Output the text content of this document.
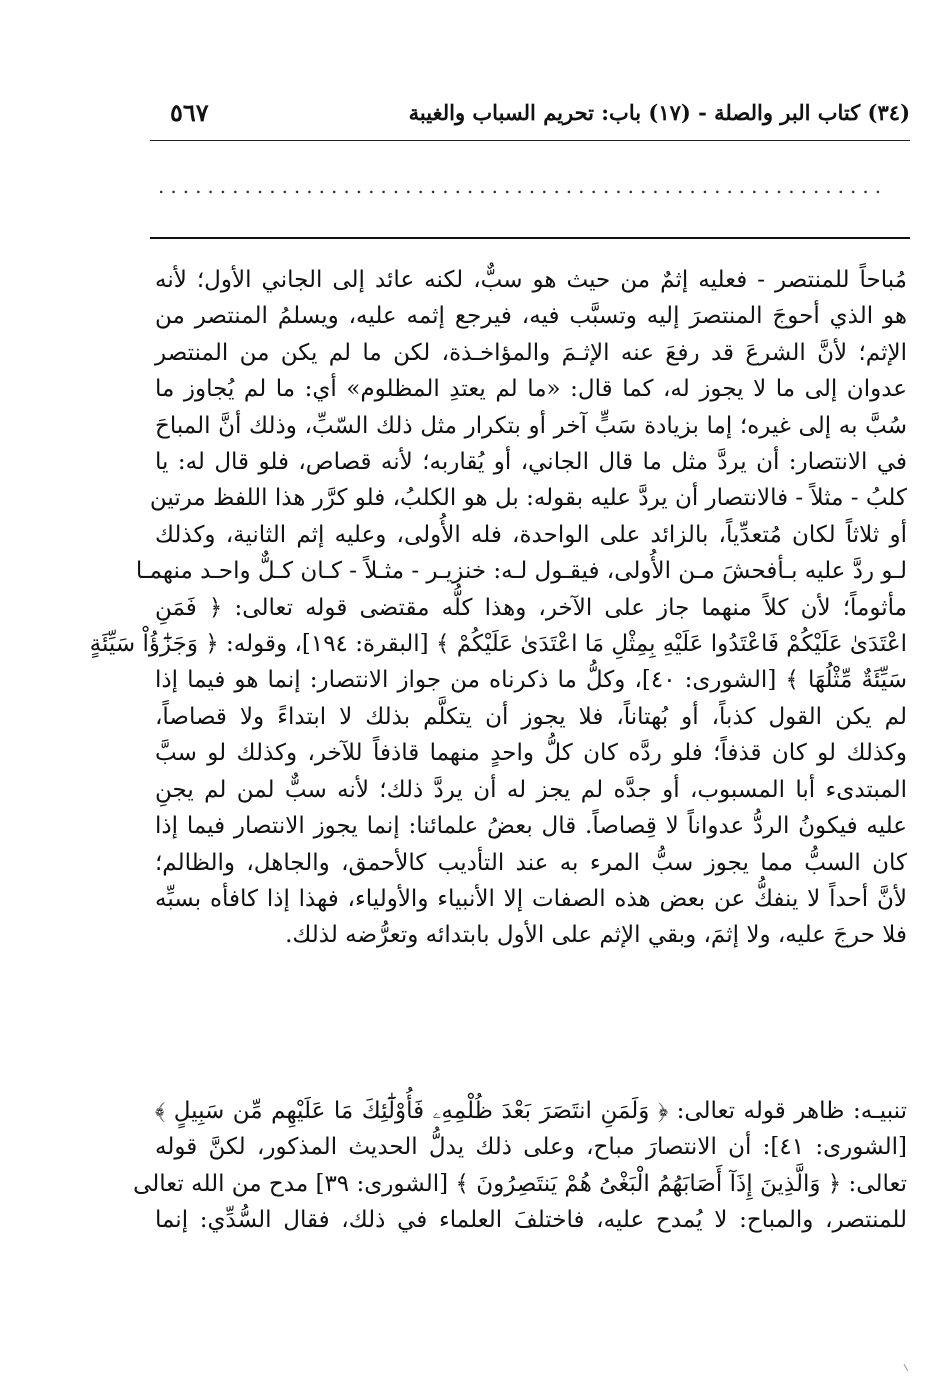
(٣٤) كتاب البر والصلة - (١٧) باب: تحريم السباب والغيبة
٥٦٧
...........................................................
مُباحاً للمنتصر - فعليه إثمٌ من حيث هو سبٌّ، لكنه عائد إلى الجاني الأول؛ لأنه
هو الذي أحوجَ المنتصرَ إليه وتسبَّب فيه، فيرجع إثمه عليه، ويسلمُ المنتصر من
الإثم؛ لأنَّ الشرعَ قد رفعَ عنه الإثـمَ والمؤاخـذة، لكن ما لم يكن من المنتصر
عدوان إلى ما لا يجوز له، كما قال: «ما لم يعتدِ المظلوم» أي: ما لم يُجاوز ما
سُبَّ به إلى غيره؛ إما بزيادة سَبٍّ آخر أو بتكرار مثل ذلك السّبِّ، وذلك أنَّ المباحَ
في الانتصار: أن يردَّ مثل ما قال الجاني، أو يُقاربه؛ لأنه قصاص، فلو قال له: يا
كلبُ - مثلاً - فالانتصار أن يردَّ عليه بقوله: بل هو الكلبُ، فلو كرَّر هذا اللفظ مرتين
أو ثلاثاً لكان مُتعدِّياً، بالزائد على الواحدة، فله الأُولى، وعليه إثم الثانية، وكذلك
لـو ردَّ عليه بـأفحشَ مـن الأُولى، فيقـول لـه: خنزيـر - مثـلاً - كـان كـلٌّ واحـد منهمـا
مأثوماً؛ لأن كلاً منهما جاز على الآخر، وهذا كلُّه مقتضى قوله تعالى: ﴿ فَمَنِ
اعْتَدَىٰ عَلَيْكُمْ فَاعْتَدُوا عَلَيْهِ بِمِثْلِ مَا اعْتَدَىٰ عَلَيْكُمْ ﴾ [البقرة: ١٩٤]، وقوله: ﴿ وَجَزَٰٓؤُاْ سَيِّئَةٍ
سَيِّئَةٌ مِّثْلُهَا ﴾ [الشورى: ٤٠]، وكلُّ ما ذكرناه من جواز الانتصار: إنما هو فيما إذا
لم يكن القول كذباً، أو بُهتاناً، فلا يجوز أن يتكلَّم بذلك لا ابتداءً ولا قصاصاً،
وكذلك لو كان قذفاً؛ فلو ردَّه كان كلُّ واحدٍ منهما قاذفاً للآخر، وكذلك لو سبَّ
المبتدىء أبا المسبوب، أو جدَّه لم يجز له أن يردَّ ذلك؛ لأنه سبٌّ لمن لم يجنِ
عليه فيكونُ الردُّ عدواناً لا قِصاصاً. قال بعضُ علمائنا: إنما يجوز الانتصار فيما إذا
كان السبُّ مما يجوز سبُّ المرء به عند التأديب كالأحمق، والجاهل، والظالم؛
لأنَّ أحداً لا ينفكُّ عن بعض هذه الصفات إلا الأنبياء والأولياء، فهذا إذا كافأه بسبِّه
فلا حرجَ عليه، ولا إثمَ، وبقي الإثم على الأول بابتدائه وتعرُّضه لذلك.
تنبيـه: ظاهر قوله تعالى: ﴿ وَلَمَنِ انتَصَرَ بَعْدَ ظُلْمِهِۦ فَأُوْلَٰٓئِكَ مَا عَلَيْهِم مِّن سَبِيلٍ ﴾
[الشورى: ٤١]: أن الانتصارَ مباح، وعلى ذلك يدلُّ الحديث المذكور، لكنَّ قوله
تعالى: ﴿ وَالَّذِينَ إِذَآ أَصَابَهُمُ الْبَغْىُ هُمْ يَنتَصِرُونَ ﴾ [الشورى: ٣٩] مدح من الله تعالى
للمنتصر، والمباح: لا يُمدح عليه، فاختلفَ العلماء في ذلك، فقال السُّدِّي: إنما
